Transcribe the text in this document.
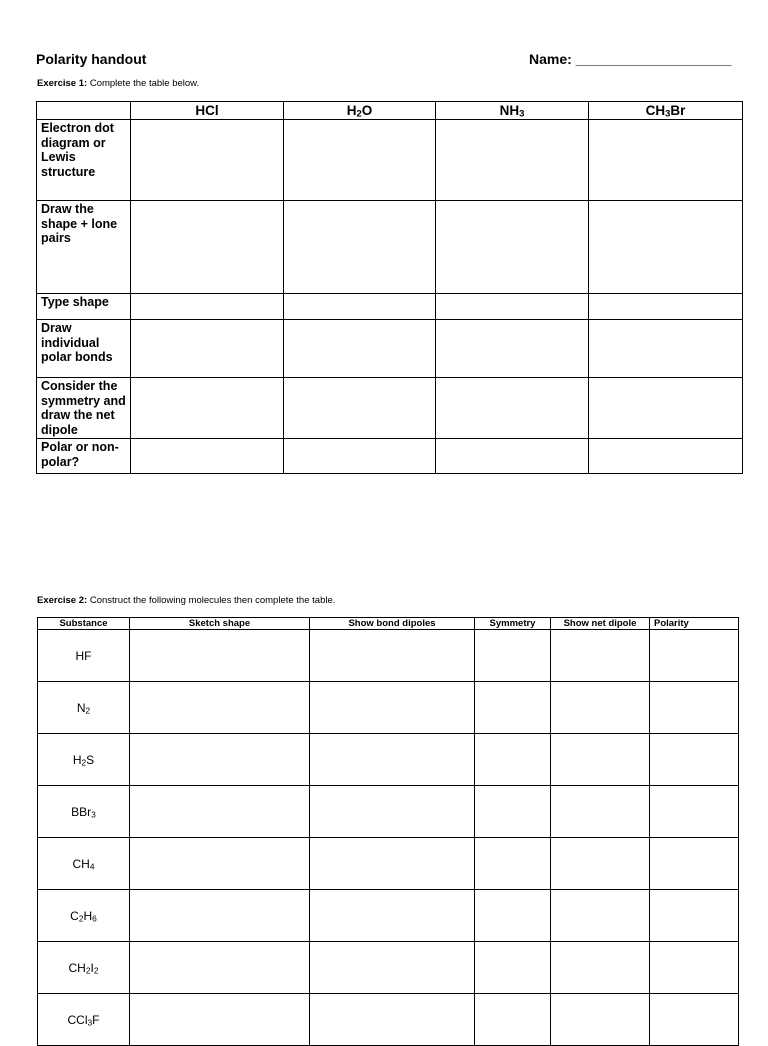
Polarity handout	Name: ____________________
Exercise 1: Complete the table below.
	HCl	$H_2O$	$NH_3$	$CH_3Br$
Electron dot diagram or Lewis structure				
Draw the shape + lone pairs				
Type shape				
Draw individual polar bonds				
Consider the symmetry and draw the net dipole				
Polar or non-polar?				
Exercise 2: Construct the following molecules then complete the table.
Substance	Sketch shape	Show bond dipoles	Symmetry	Show net dipole	Polarity
HF					
$N_2$					
$H_2S$					
BBr$_3$					
$CH_4$					
$C_2H_6$					
$CH_2I_2$					
CCl$_3$F					
